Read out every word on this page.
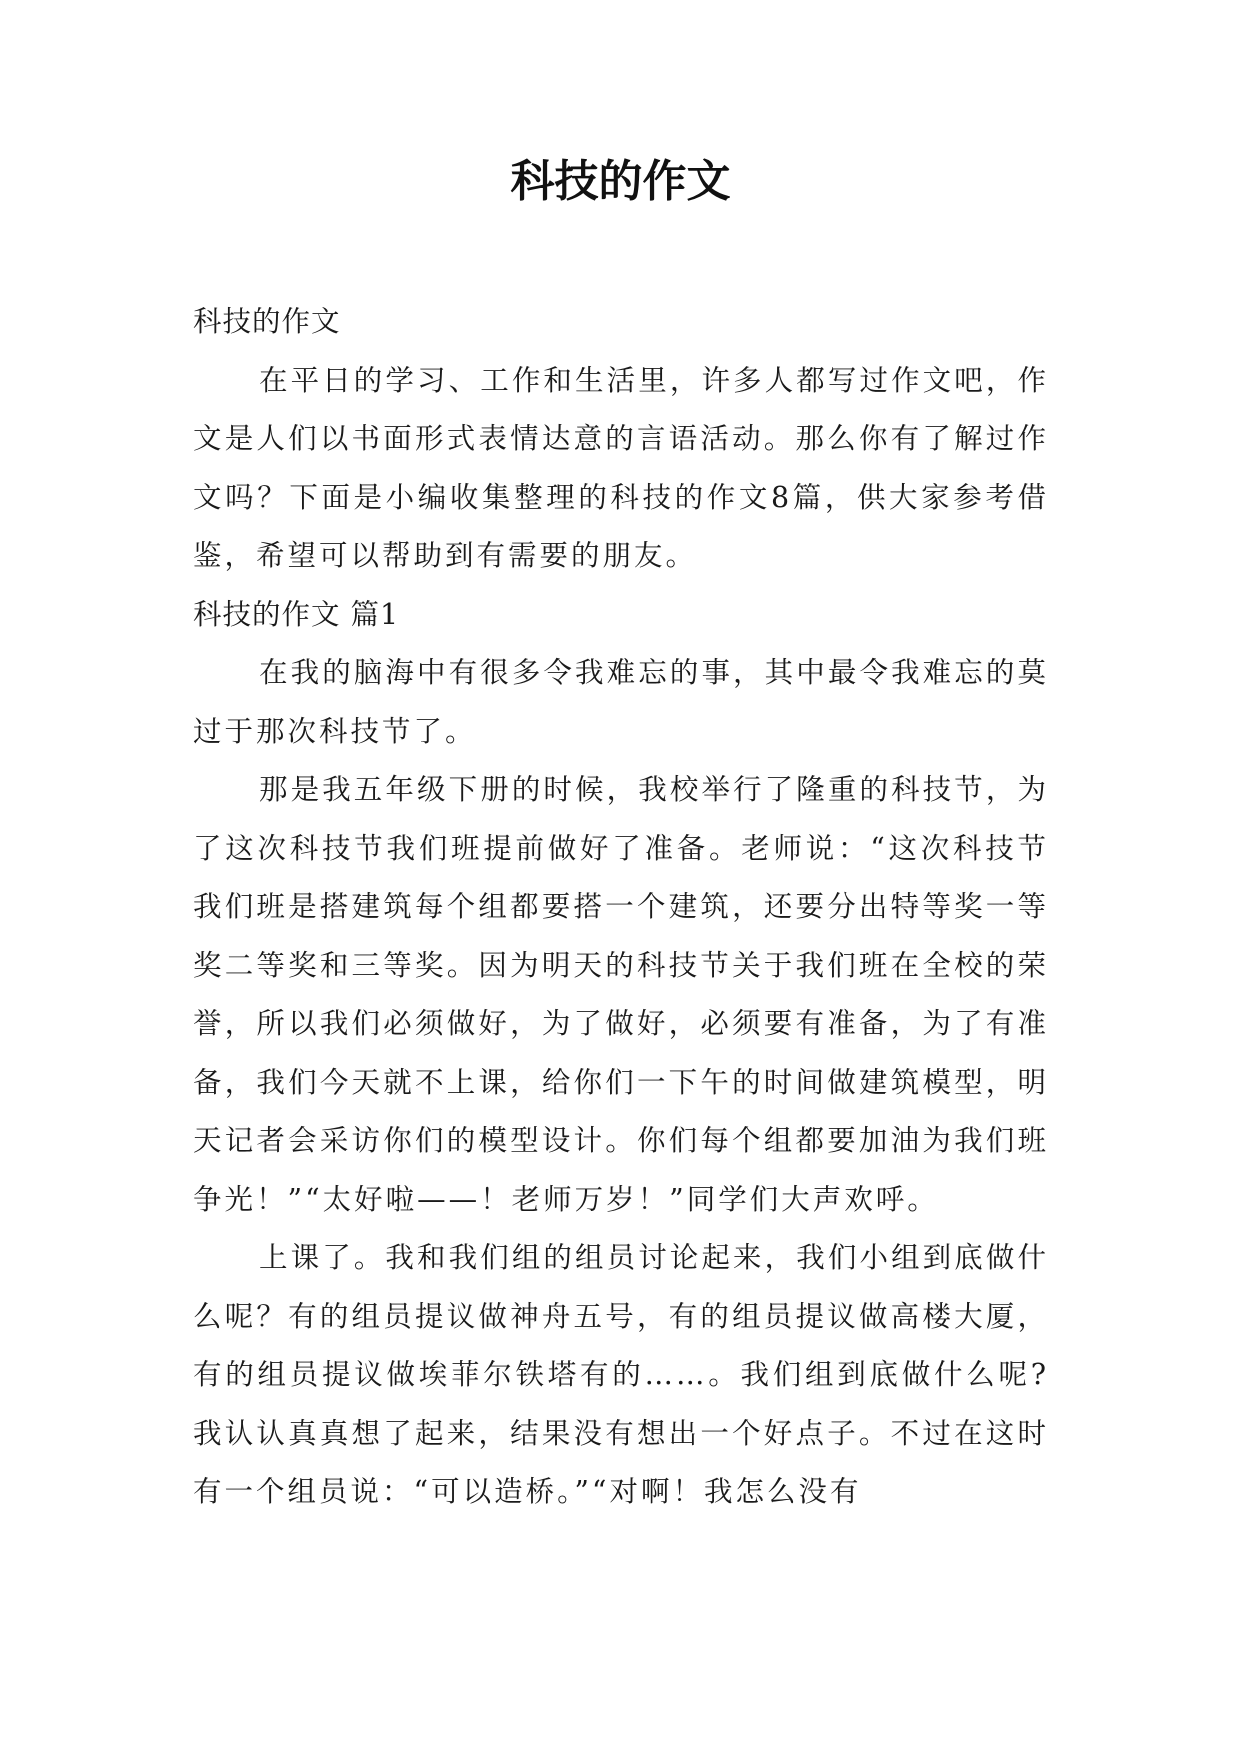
科技的作文

科技的作文

在平日的学习、工作和生活里，许多人都写过作文吧，作文是人们以书面形式表情达意的言语活动。那么你有了解过作文吗？下面是小编收集整理的科技的作文8篇，供大家参考借鉴，希望可以帮助到有需要的朋友。

科技的作文 篇1

在我的脑海中有很多令我难忘的事，其中最令我难忘的莫过于那次科技节了。

那是我五年级下册的时候，我校举行了隆重的科技节，为了这次科技节我们班提前做好了准备。老师说：“这次科技节我们班是搭建筑每个组都要搭一个建筑，还要分出特等奖一等奖二等奖和三等奖。因为明天的科技节关于我们班在全校的荣誉，所以我们必须做好，为了做好，必须要有准备，为了有准备，我们今天就不上课，给你们一下午的时间做建筑模型，明天记者会采访你们的模型设计。你们每个组都要加油为我们班争光！”“太好啦——！老师万岁！”同学们大声欢呼。

上课了。我和我们组的组员讨论起来，我们小组到底做什么呢？有的组员提议做神舟五号，有的组员提议做高楼大厦，有的组员提议做埃菲尔铁塔有的……。我们组到底做什么呢?我认认真真想了起来，结果没有想出一个好点子。不过在这时有一个组员说：“可以造桥。”“对啊！我怎么没有
